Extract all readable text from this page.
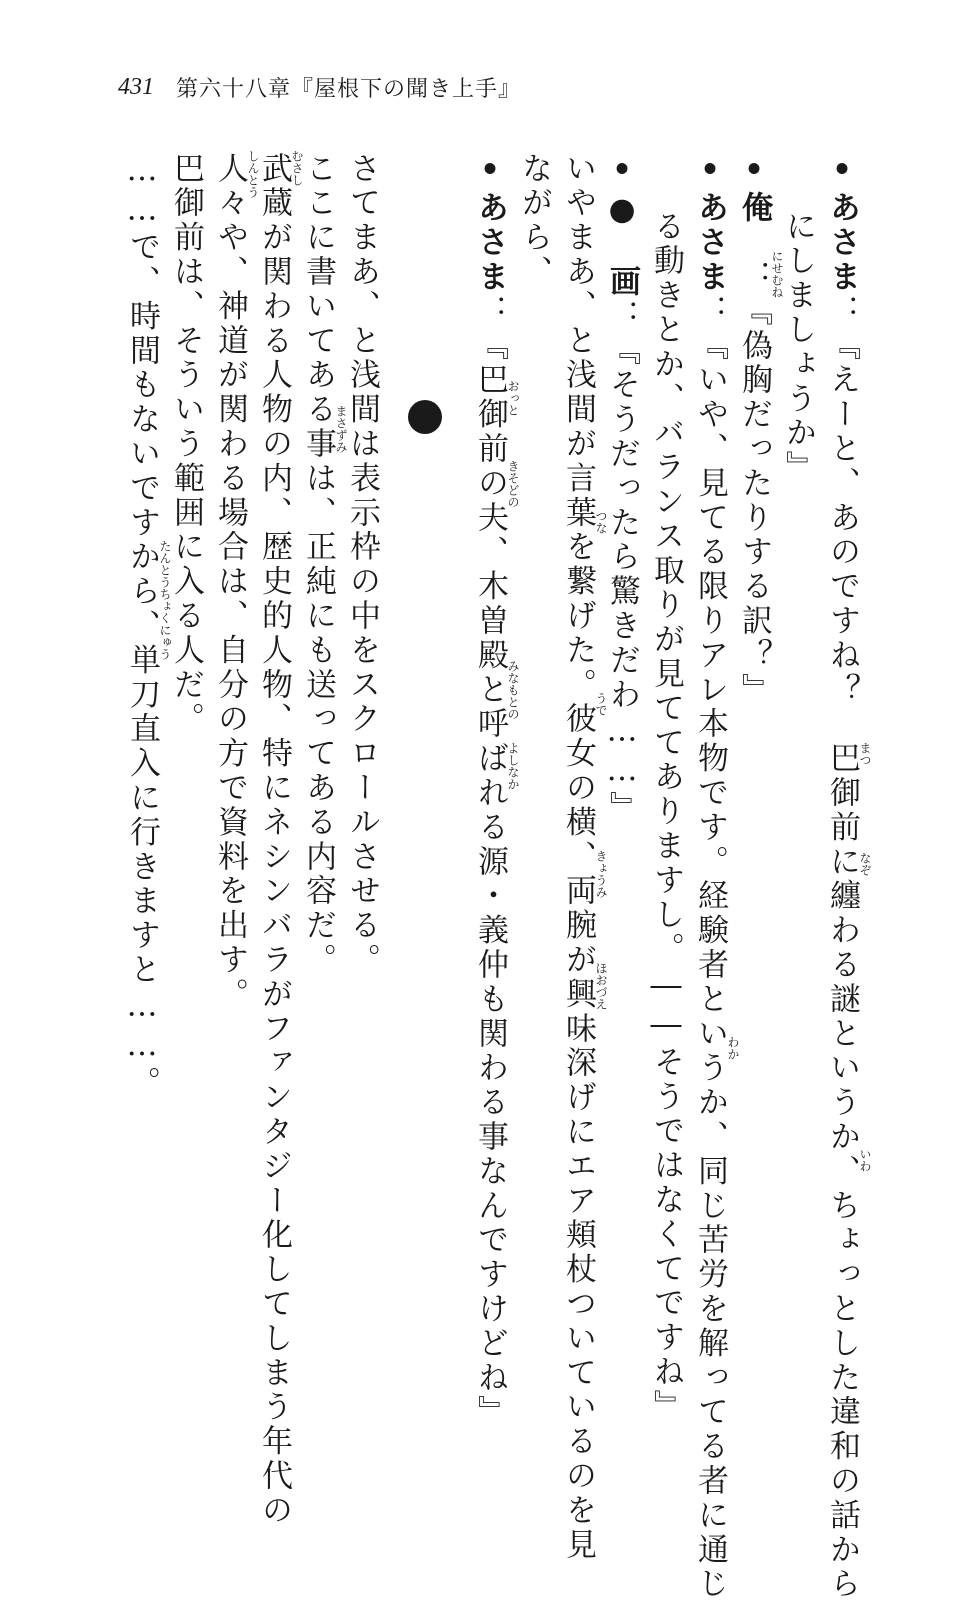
431 第六十八章『屋根下の聞き上手』
•あさま：『えーと、あのですね？　巴御前に纏わる謎というか、ちょっとした違和の話から
にしましょうか』
•俺　：『偽胸だったりする訳？』
•あさま：『いや、見てる限りアレ本物です。経験者というか、同じ苦労を解ってる者に通じ
る動きとか、バランス取りが見ててありますし。――そうではなくてですね』
•●　画：『そうだったら驚きだわ……』
いやまあ、と浅間が言葉を繋げた。彼女の横、両腕が興味深げにエア頬杖ついているのを見
ながら、
•あさま：『巴御前の夫、木曽殿と呼ばれる源・義仲も関わる事なんですけどね』
さてまあ、と浅間は表示枠の中をスクロールさせる。
ここに書いてある事は、正純にも送ってある内容だ。
武蔵が関わる人物の内、歴史的人物、特にネシンバラがファンタジー化してしまう年代の
人々や、神道が関わる場合は、自分の方で資料を出す。
巴御前は、そういう範囲に入る人だ。
……で、時間もないですから、単刀直入に行きますと……。	まつ
なぞ
いわ
にせむね
わか
つな
うで
きょうみ
ほおづえ
おっと
きそどの
みなもとの
よしなか
まさずみ
むさし
しんとう
たんとうちょくにゅう
